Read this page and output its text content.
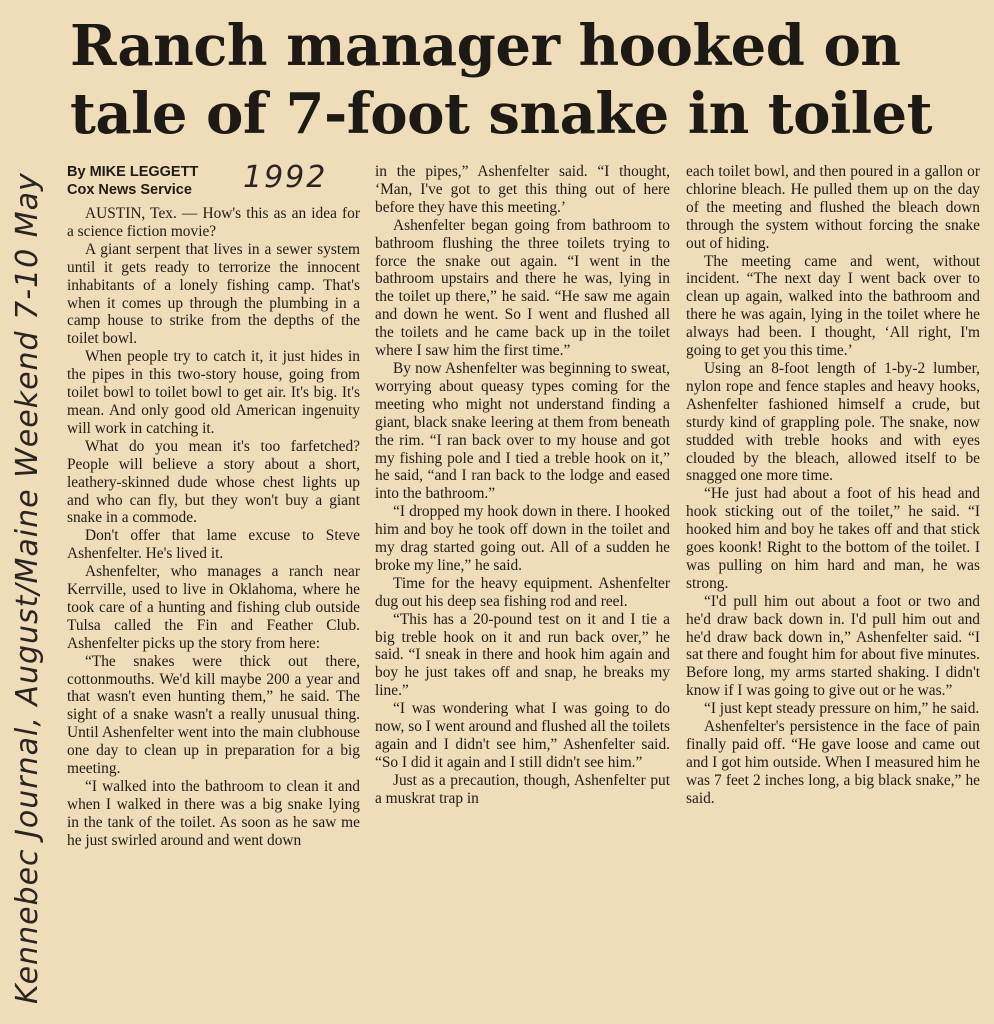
Ranch manager hooked on
tale of 7-foot snake in toilet
Kennebec Journal, August/Maine Weekend 7-10 May	1992

By MIKE LEGGETT

Cox News Service

AUSTIN, Tex. — How's this as an idea for a science fiction movie?

A giant serpent that lives in a sewer system until it gets ready to terrorize the innocent inhabitants of a lonely fishing camp. That's when it comes up through the plumbing in a camp house to strike from the depths of the toilet bowl.

When people try to catch it, it just hides in the pipes in this two-story house, going from toilet bowl to toilet bowl to get air. It's big. It's mean. And only good old American ingenuity will work in catching it.

What do you mean it's too farfetched? People will believe a story about a short, leathery-skinned dude whose chest lights up and who can fly, but they won't buy a giant snake in a commode.

Don't offer that lame excuse to Steve Ashenfelter. He's lived it.

Ashenfelter, who manages a ranch near Kerrville, used to live in Oklahoma, where he took care of a hunting and fishing club outside Tulsa called the Fin and Feather Club. Ashenfelter picks up the story from here:

“The snakes were thick out there, cottonmouths. We'd kill maybe 200 a year and that wasn't even hunting them,” he said. The sight of a snake wasn't a really unusual thing. Until Ashenfelter went into the main clubhouse one day to clean up in preparation for a big meeting.

“I walked into the bathroom to clean it and when I walked in there was a big snake lying in the tank of the toilet. As soon as he saw me he just swirled around and went down

in the pipes,” Ashenfelter said. “I thought, ‘Man, I've got to get this thing out of here before they have this meeting.’

Ashenfelter began going from bathroom to bathroom flushing the three toilets trying to force the snake out again. “I went in the bathroom upstairs and there he was, lying in the toilet up there,” he said. “He saw me again and down he went. So I went and flushed all the toilets and he came back up in the toilet where I saw him the first time.”

By now Ashenfelter was beginning to sweat, worrying about queasy types coming for the meeting who might not understand finding a giant, black snake leering at them from beneath the rim. “I ran back over to my house and got my fishing pole and I tied a treble hook on it,” he said, “and I ran back to the lodge and eased into the bathroom.”

“I dropped my hook down in there. I hooked him and boy he took off down in the toilet and my drag started going out. All of a sudden he broke my line,” he said.

Time for the heavy equipment. Ashenfelter dug out his deep sea fishing rod and reel.

“This has a 20-pound test on it and I tie a big treble hook on it and run back over,” he said. “I sneak in there and hook him again and boy he just takes off and snap, he breaks my line.”

“I was wondering what I was going to do now, so I went around and flushed all the toilets again and I didn't see him,” Ashenfelter said. “So I did it again and I still didn't see him.”

Just as a precaution, though, Ashenfelter put a muskrat trap in

each toilet bowl, and then poured in a gallon or chlorine bleach. He pulled them up on the day of the meeting and flushed the bleach down through the system without forcing the snake out of hiding.

The meeting came and went, without incident. “The next day I went back over to clean up again, walked into the bathroom and there he was again, lying in the toilet where he always had been. I thought, ‘All right, I'm going to get you this time.’

Using an 8-foot length of 1-by-2 lumber, nylon rope and fence staples and heavy hooks, Ashenfelter fashioned himself a crude, but sturdy kind of grappling pole. The snake, now studded with treble hooks and with eyes clouded by the bleach, allowed itself to be snagged one more time.

“He just had about a foot of his head and hook sticking out of the toilet,” he said. “I hooked him and boy he takes off and that stick goes koonk! Right to the bottom of the toilet. I was pulling on him hard and man, he was strong.

“I'd pull him out about a foot or two and he'd draw back down in. I'd pull him out and he'd draw back down in,” Ashenfelter said. “I sat there and fought him for about five minutes. Before long, my arms started shaking. I didn't know if I was going to give out or he was.”

“I just kept steady pressure on him,” he said.

Ashenfelter's persistence in the face of pain finally paid off. “He gave loose and came out and I got him outside. When I measured him he was 7 feet 2 inches long, a big black snake,” he said.
